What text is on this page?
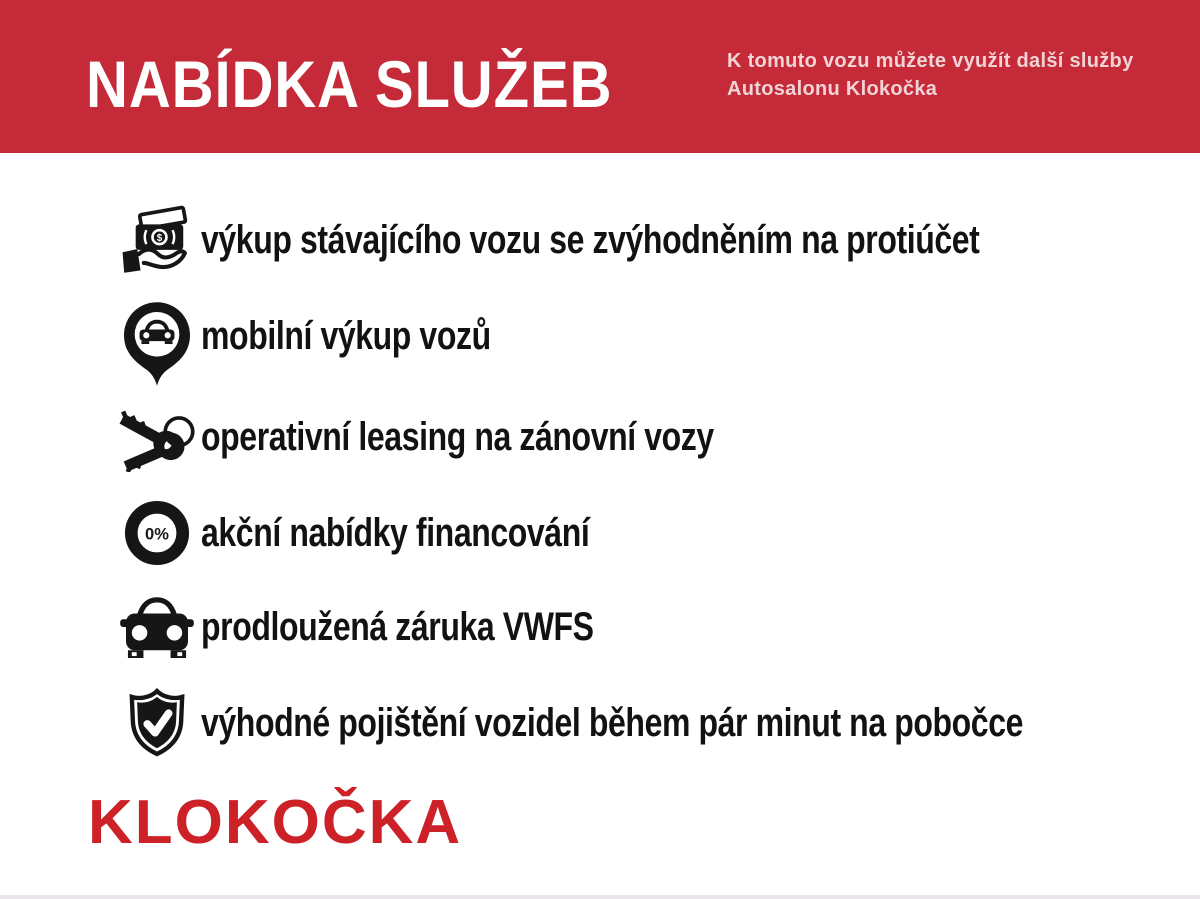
NABÍDKA SLUŽEB	K tomuto vozu můžete využít další služby
Autosalonu Klokočka

$ výkup stávajícího vozu se zvýhodněním na protiúčet
mobilní výkup vozů
operativní leasing na zánovní vozy
0% akční nabídky financování
prodloužená záruka VWFS
výhodné pojištění vozidel během pár minut na pobočce
KLOKOČKA
